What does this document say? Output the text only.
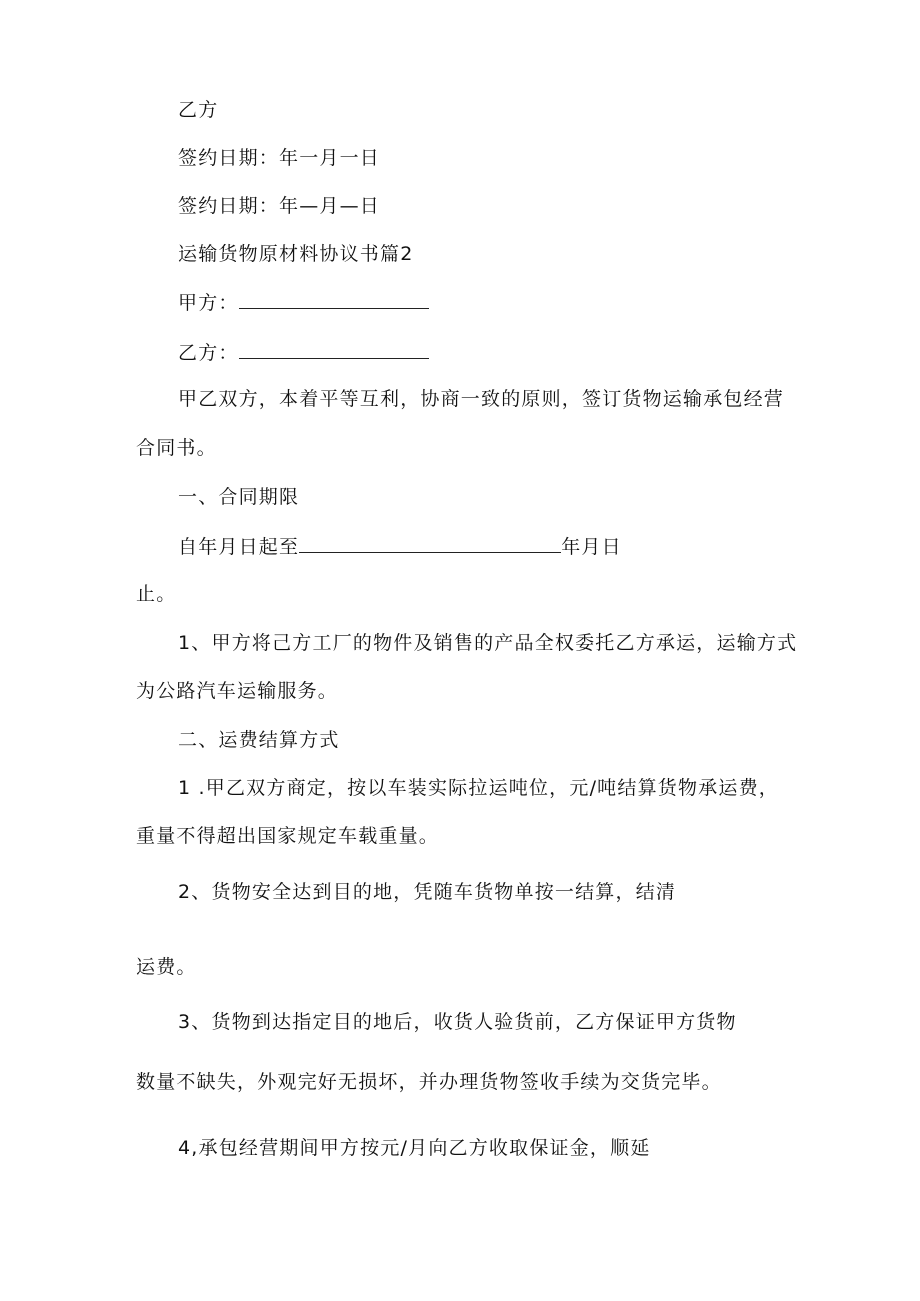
乙方
签约日期：年一月一日
签约日期：年—月—日
运输货物原材料协议书篇2
甲方：
乙方：
甲乙双方，本着平等互利，协商一致的原则，签订货物运输承包经营
合同书。
一、合同期限
自年月日起至	年月日
止。
1、甲方将己方工厂的物件及销售的产品全权委托乙方承运，运输方式
为公路汽车运输服务。
二、运费结算方式
1 .甲乙双方商定，按以车装实际拉运吨位，元/吨结算货物承运费，
重量不得超出国家规定车载重量。
2、货物安全达到目的地，凭随车货物单按一结算，结清
运费。
3、货物到达指定目的地后，收货人验货前，乙方保证甲方货物
数量不缺失，外观完好无损坏，并办理货物签收手续为交货完毕。
4,承包经营期间甲方按元/月向乙方收取保证金，顺延
